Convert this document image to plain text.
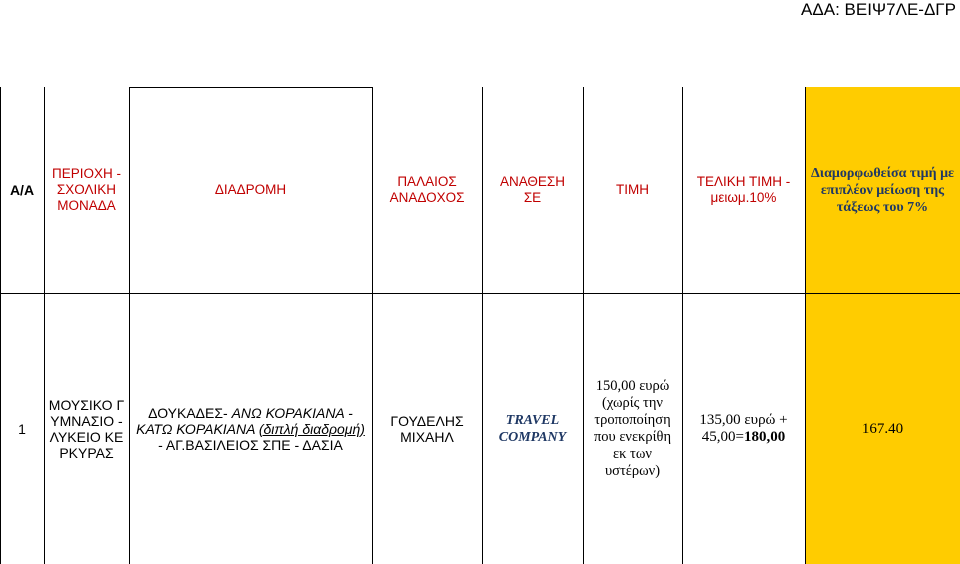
ΑΔΑ: ΒΕΙΨ7ΛΕ-ΔΓΡ
Α/Α
ΠΕΡΙΟΧΗ - ΣΧΟΛΙΚΗ ΜΟΝΑΔΑ
ΔΙΑΔΡΟΜΗ
ΠΑΛΑΙΟΣ ΑΝΑΔΟΧΟΣ
ΑΝΑΘΕΣΗ ΣΕ
ΤΙΜΗ
ΤΕΛΙΚΗ ΤΙΜΗ - μειωμ.10%
Διαμορφωθείσα τιμή με επιπλέον μείωση της τάξεως του 7%
1
ΜΟΥΣΙΚΟ ΓΥΜΝΑΣΙΟ - ΛΥΚΕΙΟ ΚΕΡΚΥΡΑΣ
ΔΟΥΚΑΔΕΣ- ΑΝΩ ΚΟΡΑΚΙΑΝΑ - ΚΑΤΩ ΚΟΡΑΚΙΑΝΑ (διπλή διαδρομή) - ΑΓ.ΒΑΣΙΛΕΙΟΣ ΣΠΕ - ΔΑΣΙΑ
ΓΟΥΔΕΛΗΣ ΜΙΧΑΗΛ
TRAVEL COMPANY
150,00 ευρώ (χωρίς την τροποποίηση που ενεκρίθη εκ των υστέρων)
135,00 ευρώ + 45,00=180,00	167.40
